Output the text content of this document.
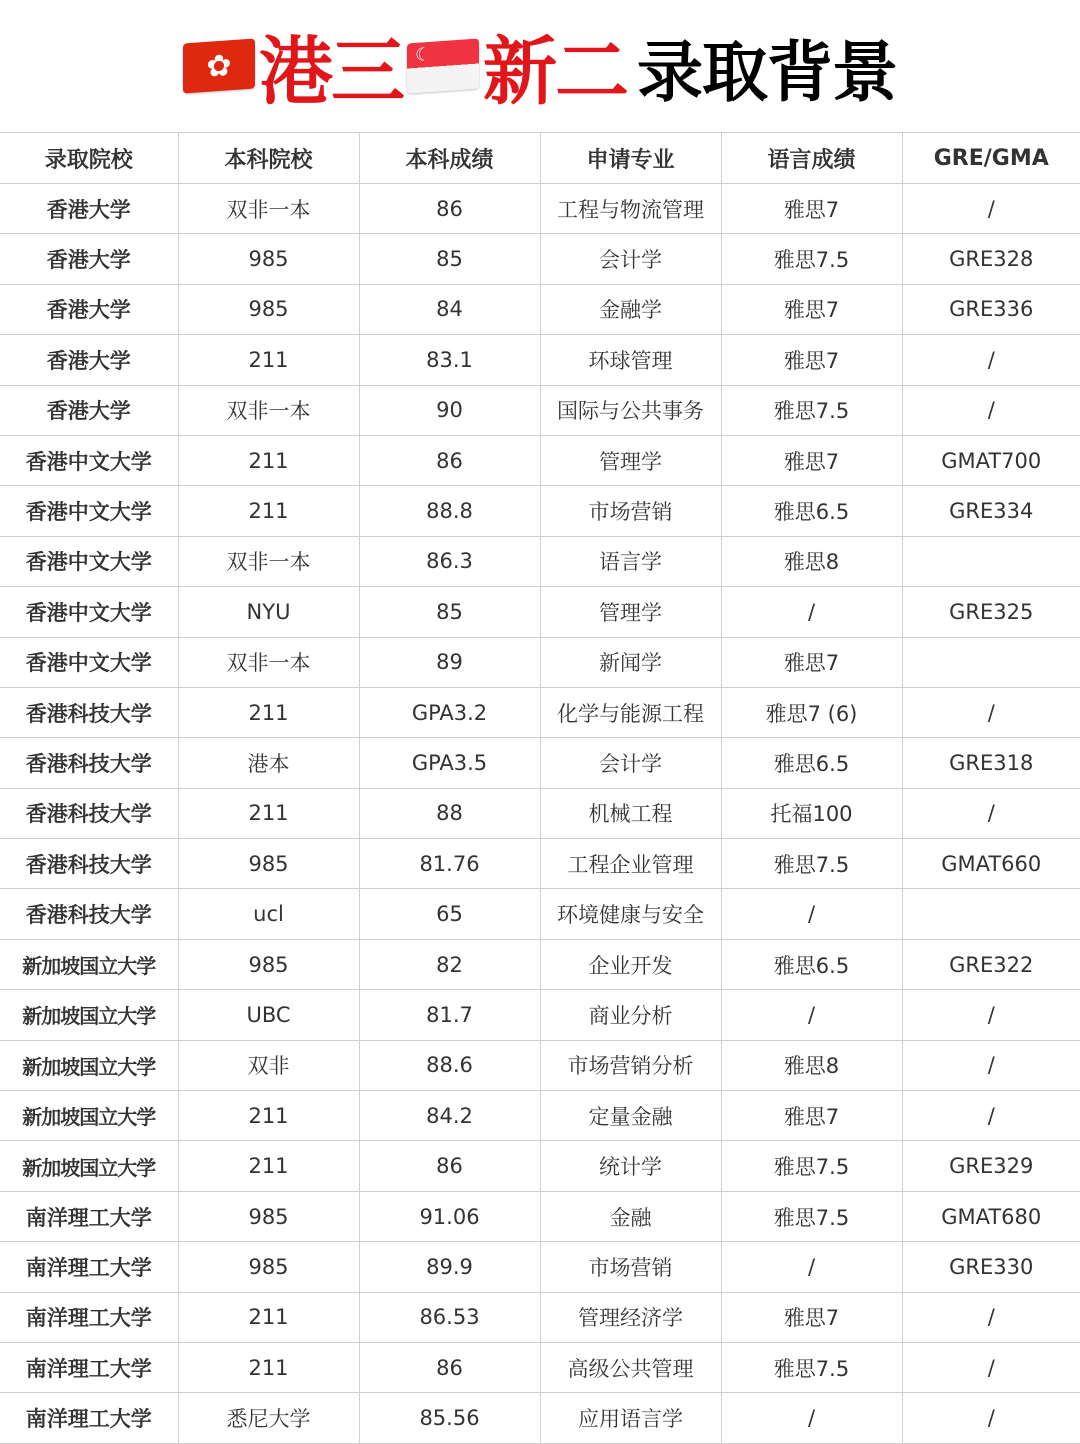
✿ 港三 ☾ 新二 录取背景
录取院校	本科院校	本科成绩	申请专业	语言成绩	GRE/GMA
香港大学	双非一本	86	工程与物流管理	雅思7	/
香港大学	985	85	会计学	雅思7.5	GRE328
香港大学	985	84	金融学	雅思7	GRE336
香港大学	211	83.1	环球管理	雅思7	/
香港大学	双非一本	90	国际与公共事务	雅思7.5	/
香港中文大学	211	86	管理学	雅思7	GMAT700
香港中文大学	211	88.8	市场营销	雅思6.5	GRE334
香港中文大学	双非一本	86.3	语言学	雅思8	
香港中文大学	NYU	85	管理学	/	GRE325
香港中文大学	双非一本	89	新闻学	雅思7	
香港科技大学	211	GPA3.2	化学与能源工程	雅思7 (6)	/
香港科技大学	港本	GPA3.5	会计学	雅思6.5	GRE318
香港科技大学	211	88	机械工程	托福100	/
香港科技大学	985	81.76	工程企业管理	雅思7.5	GMAT660
香港科技大学	ucl	65	环境健康与安全	/	
新加坡国立大学	985	82	企业开发	雅思6.5	GRE322
新加坡国立大学	UBC	81.7	商业分析	/	/
新加坡国立大学	双非	88.6	市场营销分析	雅思8	/
新加坡国立大学	211	84.2	定量金融	雅思7	/
新加坡国立大学	211	86	统计学	雅思7.5	GRE329
南洋理工大学	985	91.06	金融	雅思7.5	GMAT680
南洋理工大学	985	89.9	市场营销	/	GRE330
南洋理工大学	211	86.53	管理经济学	雅思7	/
南洋理工大学	211	86	高级公共管理	雅思7.5	/
南洋理工大学	悉尼大学	85.56	应用语言学	/	/
